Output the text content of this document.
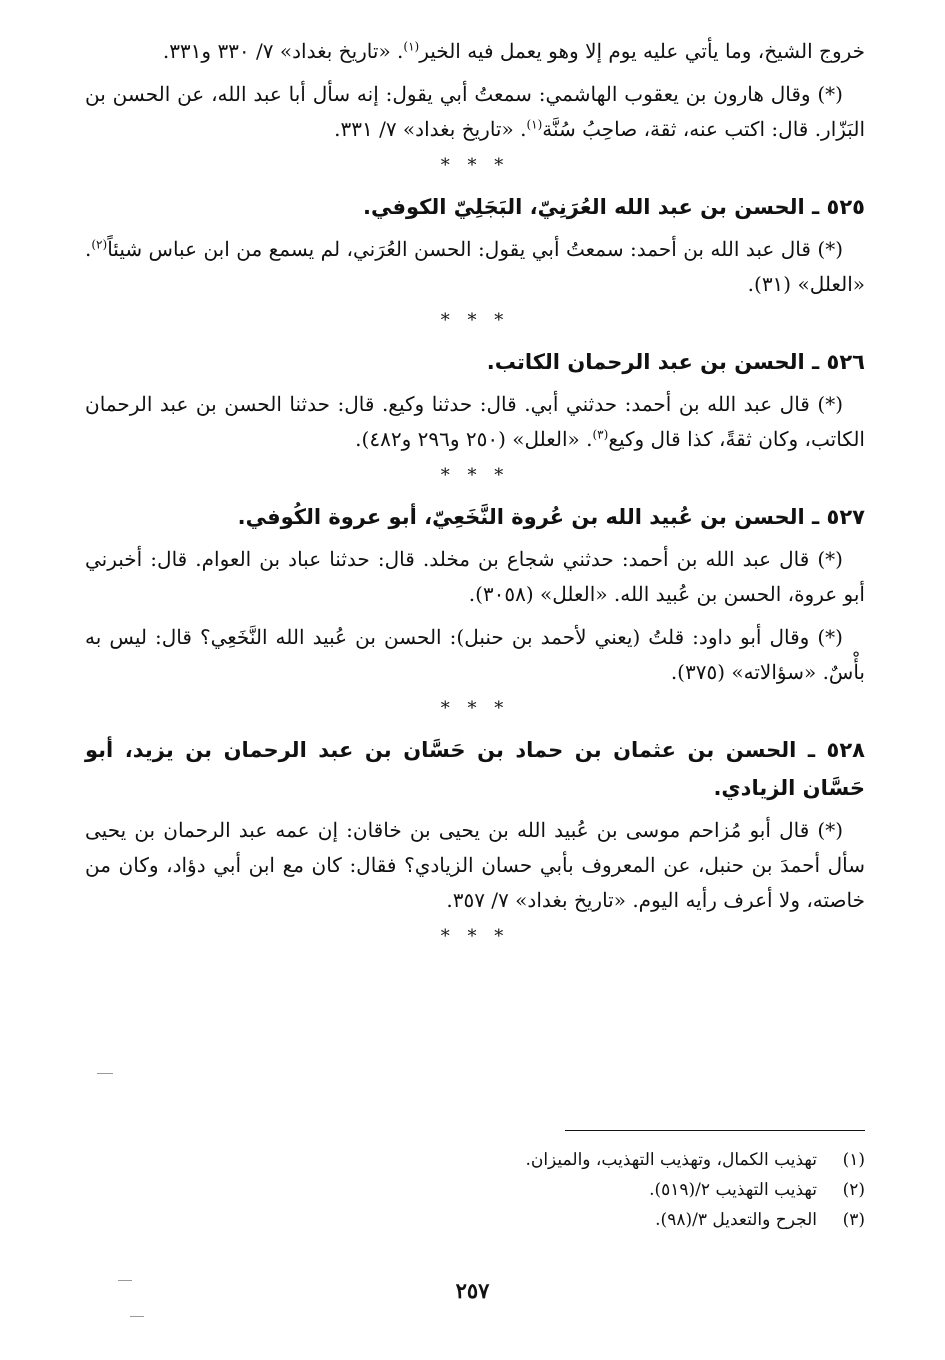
خروج الشيخ، وما يأتي عليه يوم إلا وهو يعمل فيه الخير$^{(١)}$. «تاريخ بغداد» ٧/ ٣٣٠ و٣٣١.

(*) وقال هارون بن يعقوب الهاشمي: سمعتُ أبي يقول: إنه سأل أبا عبد الله، عن الحسن بن البَزّار. قال: اكتب عنه، ثقة، صاحِبُ سُنَّة$^{(١)}$. «تاريخ بغداد» ٧/ ٣٣١.

* * *
٥٢٥ ـ الحسن بن عبد الله العُرَنِيّ، البَجَلِيّ الكوفي.

(*) قال عبد الله بن أحمد: سمعتُ أبي يقول: الحسن العُرَني، لم يسمع من ابن عباس شيئاً$^{(٢)}$. «العلل» (٣١).

* * *
٥٢٦ ـ الحسن بن عبد الرحمان الكاتب.

(*) قال عبد الله بن أحمد: حدثني أبي. قال: حدثنا وكيع. قال: حدثنا الحسن بن عبد الرحمان الكاتب، وكان ثقةً، كذا قال وكيع$^{(٣)}$. «العلل» (٢٥٠ و٢٩٦ و٤٨٢).

* * *
٥٢٧ ـ الحسن بن عُبيد الله بن عُروة النَّخَعِيّ، أبو عروة الكُوفي.

(*) قال عبد الله بن أحمد: حدثني شجاع بن مخلد. قال: حدثنا عباد بن العوام. قال: أخبرني أبو عروة، الحسن بن عُبيد الله. «العلل» (٣٠٥٨).

(*) وقال أبو داود: قلتُ (يعني لأحمد بن حنبل): الحسن بن عُبيد الله النَّخَعِي؟ قال: ليس به بأْسٌ. «سؤالاته» (٣٧٥).

* * *
٥٢٨ ـ الحسن بن عثمان بن حماد بن حَسَّان بن عبد الرحمان بن يزيد، أبو حَسَّان الزيادي.

(*) قال أبو مُزاحم موسى بن عُبيد الله بن يحيى بن خاقان: إن عمه عبد الرحمان بن يحيى سأل أحمدَ بن حنبل، عن المعروف بأبي حسان الزيادي؟ فقال: كان مع ابن أبي دؤاد، وكان من خاصته، ولا أعرف رأيه اليوم. «تاريخ بغداد» ٧/ ٣٥٧.

* * *

(١)تهذيب الكمال، وتهذيب التهذيب، والميزان.

(٢)تهذيب التهذيب ٢/(٥١٩).

(٣)الجرح والتعديل ٣/(٩٨).

٢٥٧
